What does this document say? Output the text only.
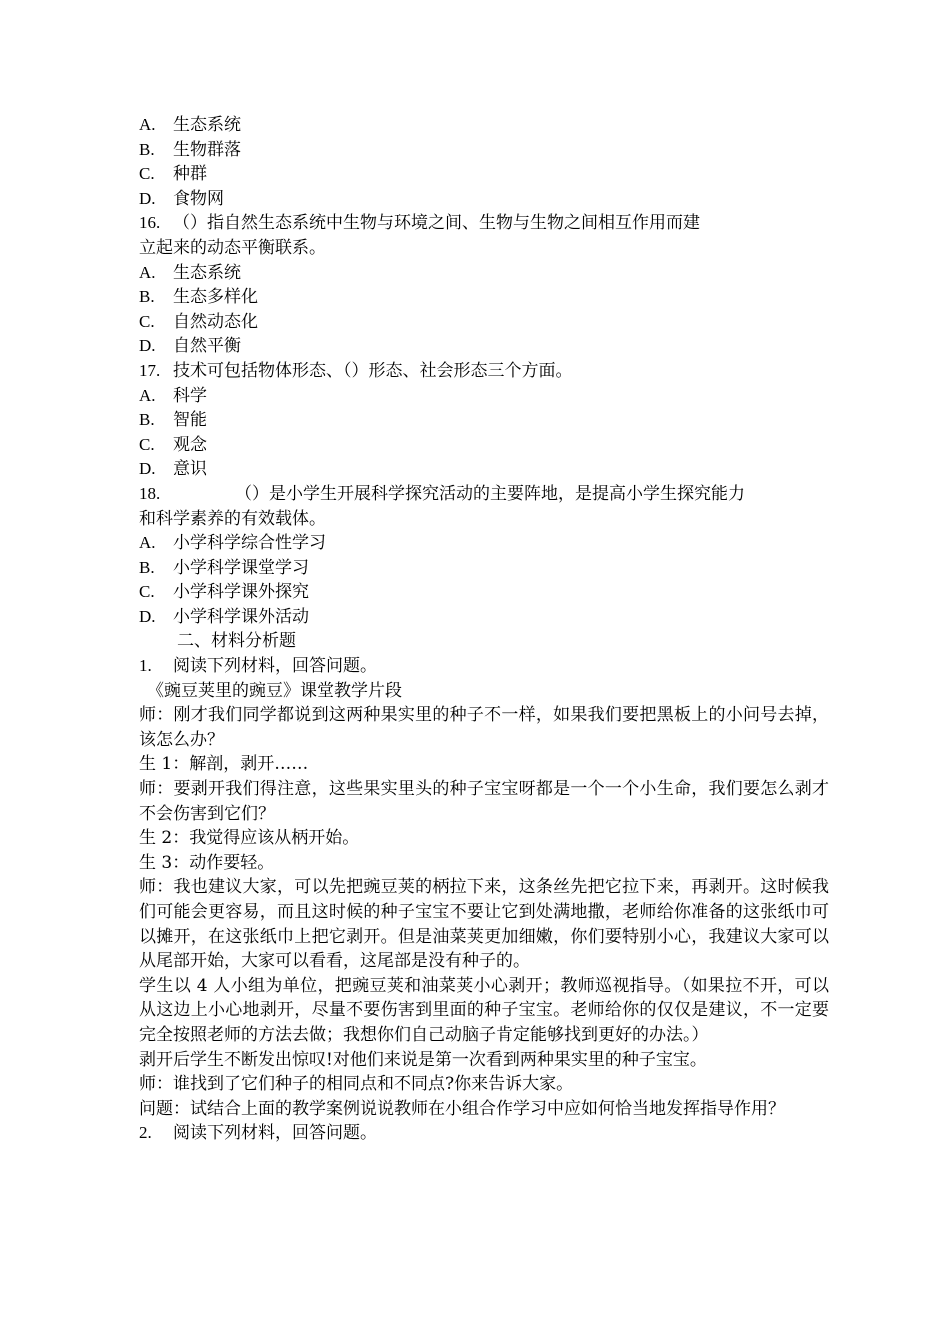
A.	生态系统

B.	生物群落

C.	种群

D.	食物网

16. （）指自然生态系统中生物与环境之间、生物与生物之间相互作用而建

立起来的动态平衡联系。

A.	生态系统

B.	生态多样化

C.	自然动态化

D.	自然平衡

17. 技术可包括物体形态、（）形态、社会形态三个方面。

A.	科学

B.	智能

C.	观念

D.	意识

18.	（）是小学生开展科学探究活动的主要阵地，是提高小学生探究能力

和科学素养的有效载体。

A.	小学科学综合性学习

B.	小学科学课堂学习

C.	小学科学课外探究

D.	小学科学课外活动

二、材料分析题

1.	阅读下列材料，回答问题。

《豌豆荚里的豌豆》课堂教学片段

师：刚才我们同学都说到这两种果实里的种子不一样，如果我们要把黑板上的小问号去掉，该怎么办？

生 1：解剖，剥开……

师：要剥开我们得注意，这些果实里头的种子宝宝呀都是一个一个小生命，我们要怎么剥才不会伤害到它们？

生 2：我觉得应该从柄开始。

生 3：动作要轻。

师：我也建议大家，可以先把豌豆荚的柄拉下来，这条丝先把它拉下来，再剥开。这时候我们可能会更容易，而且这时候的种子宝宝不要让它到处满地撒，老师给你准备的这张纸巾可以摊开，在这张纸巾上把它剥开。但是油菜荚更加细嫩，你们要特别小心，我建议大家可以从尾部开始，大家可以看看，这尾部是没有种子的。

学生以 4 人小组为单位，把豌豆荚和油菜荚小心剥开；教师巡视指导。（如果拉不开，可以从这边上小心地剥开，尽量不要伤害到里面的种子宝宝。老师给你的仅仅是建议，不一定要完全按照老师的方法去做；我想你们自己动脑子肯定能够找到更好的办法。）

剥开后学生不断发出惊叹!对他们来说是第一次看到两种果实里的种子宝宝。

师：谁找到了它们种子的相同点和不同点?你来告诉大家。

问题：试结合上面的教学案例说说教师在小组合作学习中应如何恰当地发挥指导作用？

2.	阅读下列材料，回答问题。
